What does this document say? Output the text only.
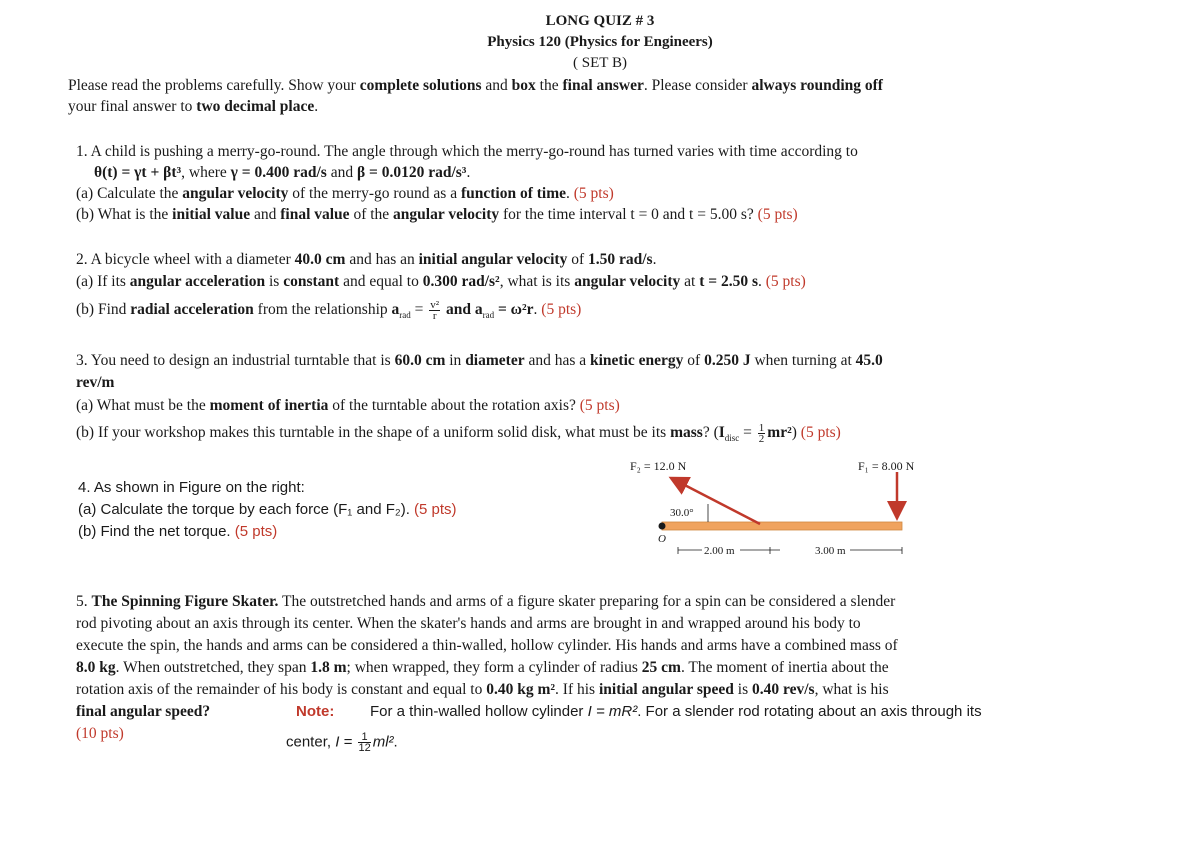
LONG QUIZ # 3
Physics 120 (Physics for Engineers)
( SET B)
Please read the problems carefully. Show your complete solutions and box the final answer. Please consider always rounding off
your final answer to two decimal place.
1. A child is pushing a merry-go-round. The angle through which the merry-go-round has turned varies with time according to
θ(t) = γt + βt³, where γ = 0.400 rad/s and β = 0.0120 rad/s³.
(a) Calculate the angular velocity of the merry-go round as a function of time. (5 pts)
(b) What is the initial value and final value of the angular velocity for the time interval t = 0 and t = 5.00 s? (5 pts)
2. A bicycle wheel with a diameter 40.0 cm and has an initial angular velocity of 1.50 rad/s.
(a) If its angular acceleration is constant and equal to 0.300 rad/s², what is its angular velocity at t = 2.50 s. (5 pts)
(b) Find radial acceleration from the relationship $a_{rad} = \frac{\text{v²}}{r}$ and $a_{rad} = \omega^2r$. (5 pts)
3. You need to design an industrial turntable that is 60.0 cm in diameter and has a kinetic energy of 0.250 J when turning at 45.0
rev/m
(a) What must be the moment of inertia of the turntable about the rotation axis? (5 pts)
(b) If your workshop makes this turntable in the shape of a uniform solid disk, what must be its mass? $(I_{disc} = \frac{1}{2} mr^2)$ (5 pts)
4. As shown in Figure on the right:
(a) Calculate the torque by each force (F₁ and F₂). (5 pts)
(b) Find the net torque. (5 pts)
F₂ = 12.0 N	F₁ = 8.00 N
30.0°
O
2.00 m	3.00 m
5. The Spinning Figure Skater. The outstretched hands and arms of a figure skater preparing for a spin can be considered a slender
rod pivoting about an axis through its center. When the skater's hands and arms are brought in and wrapped around his body to
execute the spin, the hands and arms can be considered a thin-walled, hollow cylinder. His hands and arms have a combined mass of
8.0 kg. When outstretched, they span 1.8 m; when wrapped, they form a cylinder of radius 25 cm. The moment of inertia about the
rotation axis of the remainder of his body is constant and equal to 0.40 kg m². If his initial angular speed is 0.40 rev/s, what is his
final angular speed?	Note: For a thin-walled hollow cylinder I = mR². For a slender rod rotating about an axis through its
(10 pts)	center, $I = \frac{1}{12} ml^2$.
